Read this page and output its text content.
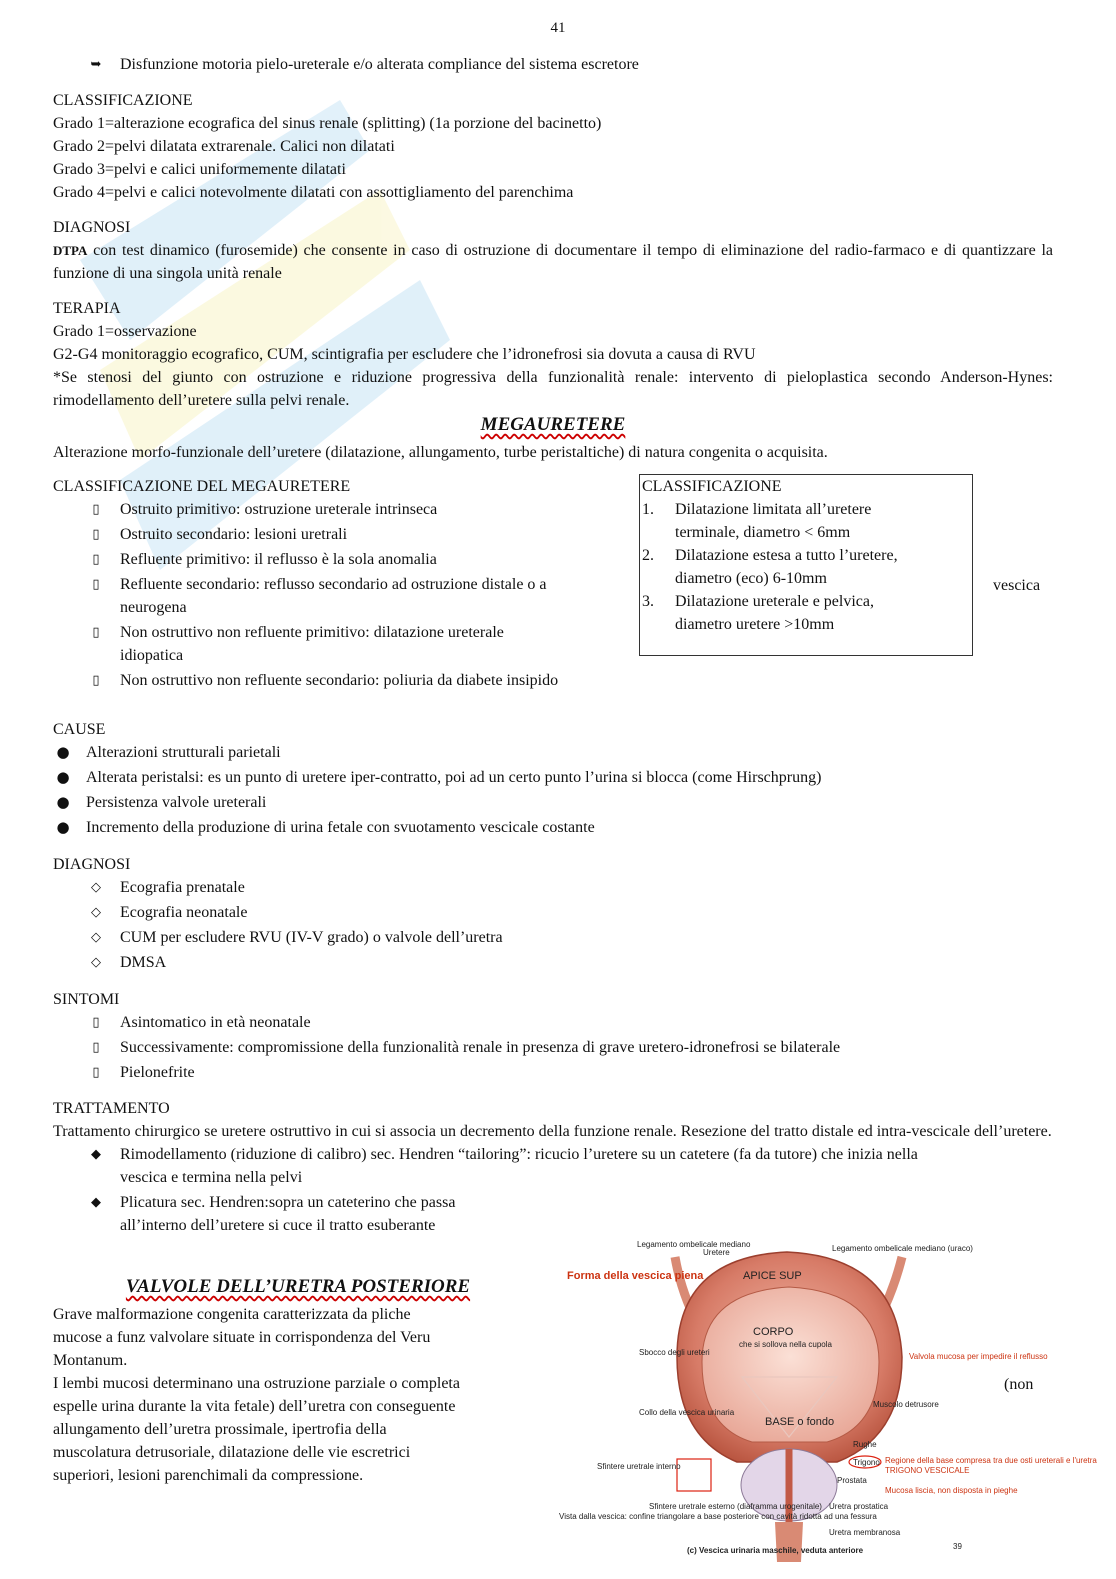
41
➥ Disfunzione motoria pielo-ureterale e/o alterata compliance del sistema escretore

CLASSIFICAZIONE

Grado 1=alterazione ecografica del sinus renale (splitting) (1a porzione del bacinetto)

Grado 2=pelvi dilatata extrarenale. Calici non dilatati

Grado 3=pelvi e calici uniformemente dilatati

Grado 4=pelvi e calici notevolmente dilatati con assottigliamento del parenchima

DIAGNOSI

DTPA con test dinamico (furosemide) che consente in caso di ostruzione di documentare il tempo di eliminazione del radio-farmaco e di quantizzare la funzione di una singola unità renale

TERAPIA

Grado 1=osservazione

G2-G4 monitoraggio ecografico, CUM, scintigrafia per escludere che l’idronefrosi sia dovuta a causa di RVU

*Se stenosi del giunto con ostruzione e riduzione progressiva della funzionalità renale: intervento di pieloplastica secondo Anderson-Hynes: rimodellamento dell’uretere sulla pelvi renale.

MEGAURETERE
Alterazione morfo-funzionale dell’uretere (dilatazione, allungamento, turbe peristaltiche) di natura congenita o acquisita.

CLASSIFICAZIONE DEL MEGAURETERE

▯	Ostruito primitivo: ostruzione ureterale intrinseca
▯	Ostruito secondario: lesioni uretrali
▯	Refluente primitivo: il reflusso è la sola anomalia
▯	Refluente secondario: reflusso secondario ad ostruzione distale o a
neurogena
▯	Non ostruttivo non refluente primitivo: dilatazione ureterale
idiopatica
▯	Non ostruttivo non refluente secondario: poliuria da diabete insipido
vescica

CLASSIFICAZIONE

1. Dilatazione limitata all’uretere
terminale, diametro < 6mm
2. Dilatazione estesa a tutto l’uretere,
diametro (eco) 6-10mm
3. Dilatazione ureterale e pelvica,
diametro uretere >10mm

CAUSE

● Alterazioni strutturali parietali
● Alterata peristalsi: es un punto di uretere iper-contratto, poi ad un certo punto l’urina si blocca (come Hirschprung)
● Persistenza valvole ureterali
● Incremento della produzione di urina fetale con svuotamento vescicale costante

DIAGNOSI

◇	Ecografia prenatale
◇	Ecografia neonatale
◇	CUM per escludere RVU (IV-V grado) o valvole dell’uretra
◇	DMSA

SINTOMI

▯	Asintomatico in età neonatale
▯	Successivamente: compromissione della funzionalità renale in presenza di grave uretero-idronefrosi se bilaterale
▯	Pielonefrite

TRATTAMENTO

Trattamento chirurgico se uretere ostruttivo in cui si associa un decremento della funzione renale. Resezione del tratto distale ed intra-vescicale dell’uretere.

◆	Rimodellamento (riduzione di calibro) sec. Hendren “tailoring”: ricucio l’uretere su un catetere (fa da tutore) che inizia nella
vescica e termina nella pelvi
◆	Plicatura sec. Hendren:sopra un cateterino che passa
all’interno dell’uretere si cuce il tratto esuberante
VALVOLE DELL’URETRA POSTERIORE

Grave malformazione congenita caratterizzata da pliche

mucose a funz valvolare situate in corrispondenza del Veru

Montanum.

I lembi mucosi determinano una ostruzione parziale o completa

espelle urina durante la vita fetale) dell’uretra con conseguente

allungamento dell’uretra prossimale, ipertrofia della

muscolatura detrusoriale, dilatazione delle vie escretrici

superiori, lesioni parenchimali da compressione.

(non
Forma della vescica piena
Legamento ombelicale mediano
Uretere	Legamento ombelicale mediano (uraco)
APICE SUP
CORPO
che si sollova nella cupola
Sbocco degli ureteri	Valvola mucosa per impedire il reflusso
Muscolo detrusore
Collo della vescica urinaria
BASE o fondo
Rughe
Trigono Regione della base compresa tra due osti ureterali e l'uretra
TRIGONO VESCICALE
Sfintere uretrale interno
Prostata
Mucosa liscia, non disposta in pieghe
Uretra prostatica
Sfintere uretrale esterno (diaframma urogenitale)
Vista dalla vescica: confine triangolare a base posteriore con cavità ridotta ad una fessura
Uretra membranosa
(c) Vescica urinaria maschile, veduta anteriore	39
